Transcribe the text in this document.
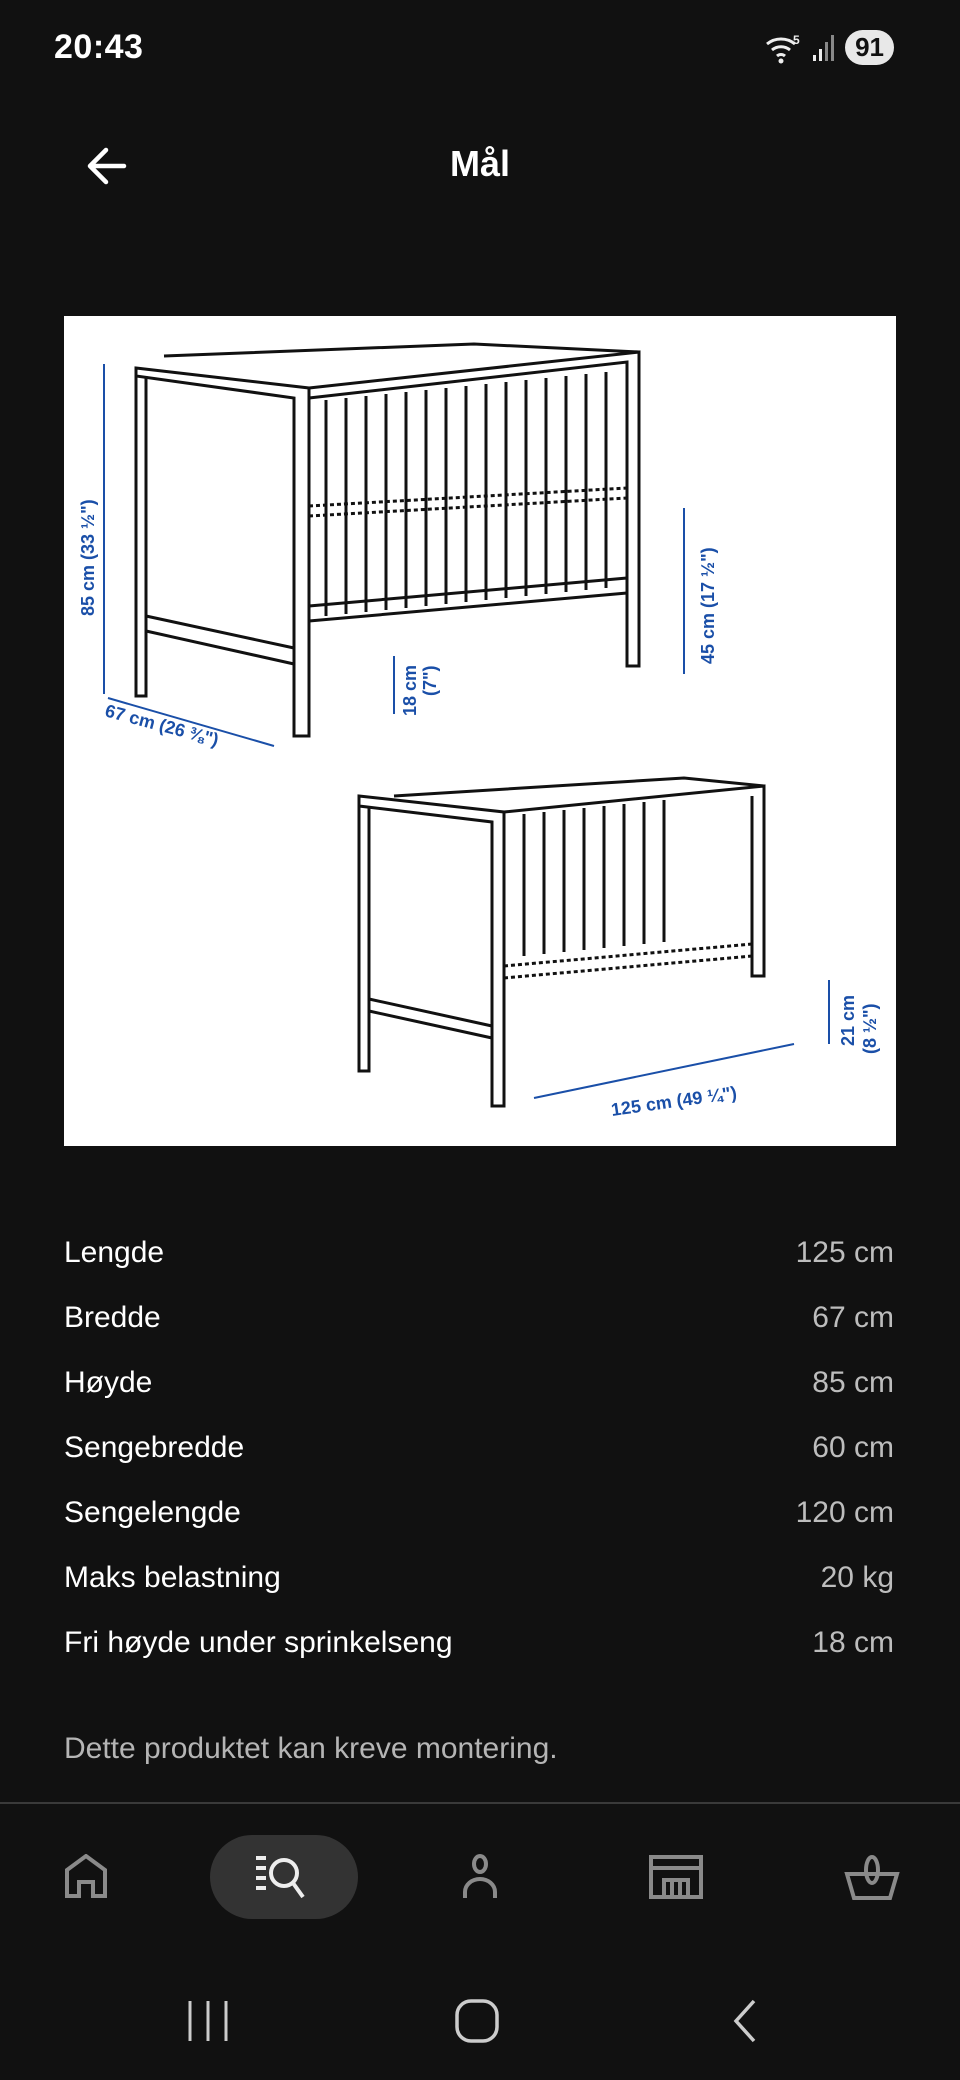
20:43	5	91
Mål
85 cm (33 ½")
67 cm (26 ⅜")
18 cm (7")
45 cm (17 ½")
125 cm (49 ¼")
21 cm (8 ½")
Lengde	125 cm
Bredde	67 cm
Høyde	85 cm
Sengebredde	60 cm
Sengelengde	120 cm
Maks belastning	20 kg
Fri høyde under sprinkelseng	18 cm
Dette produktet kan kreve montering.
